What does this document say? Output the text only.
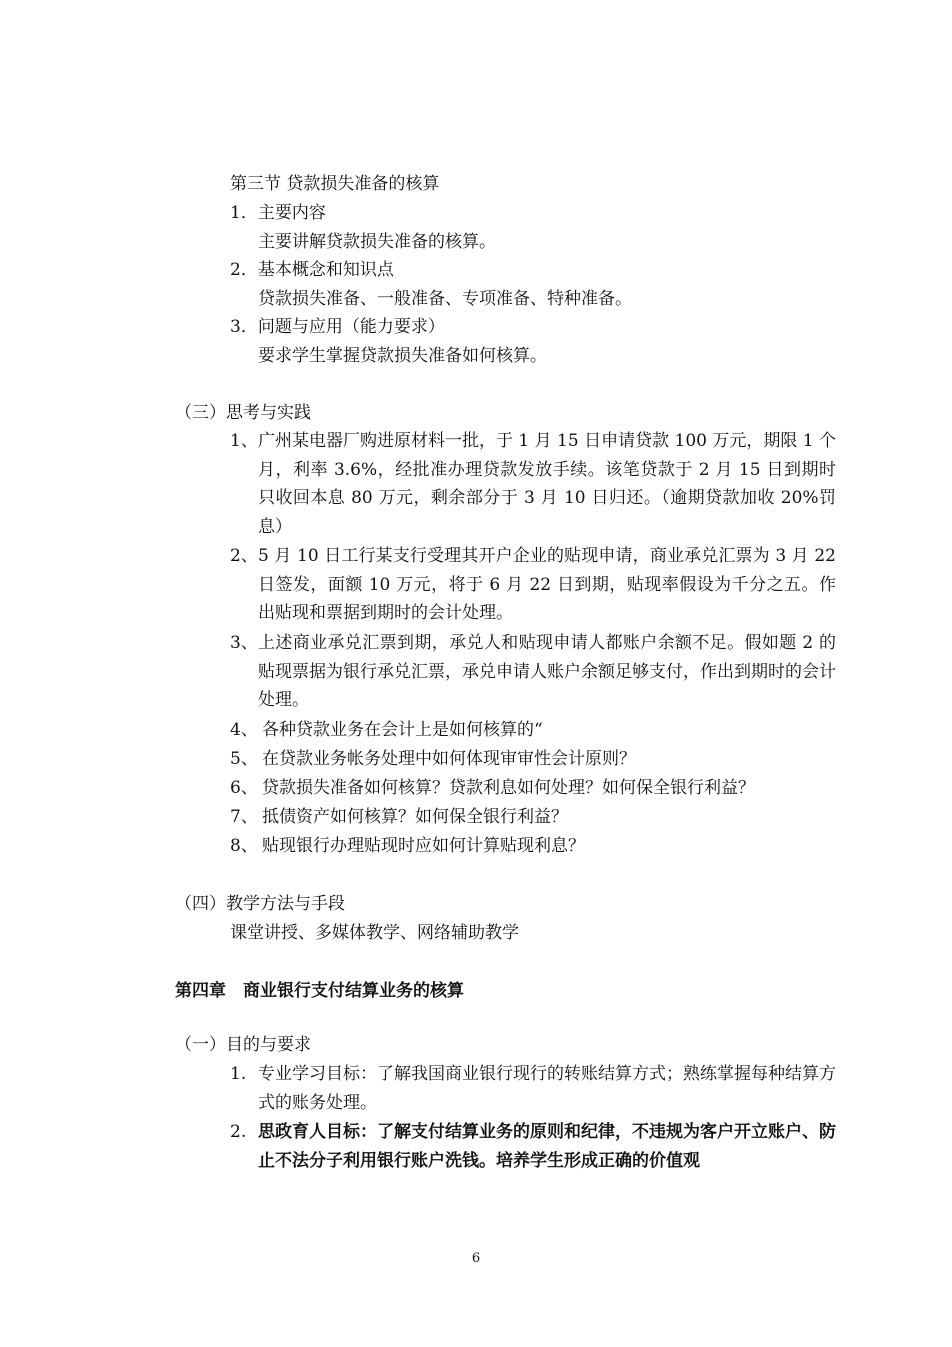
第三节 贷款损失准备的核算
1．主要内容
主要讲解贷款损失准备的核算。
2．基本概念和知识点
贷款损失准备、一般准备、专项准备、特种准备。
3．问题与应用（能力要求）
要求学生掌握贷款损失准备如何核算。
（三）思考与实践
1、 广州某电器厂购进原材料一批，于 1 月 15 日申请贷款 100 万元，期限 1 个月，利率 3.6%，经批准办理贷款发放手续。该笔贷款于 2 月 15 日到期时只收回本息 80 万元，剩余部分于 3 月 10 日归还。（逾期贷款加收 20%罚息）
2、 5 月 10 日工行某支行受理其开户企业的贴现申请，商业承兑汇票为 3 月 22 日签发，面额 10 万元，将于 6 月 22 日到期，贴现率假设为千分之五。作出贴现和票据到期时的会计处理。
3、 上述商业承兑汇票到期，承兑人和贴现申请人都账户余额不足。假如题 2 的贴现票据为银行承兑汇票，承兑申请人账户余额足够支付，作出到期时的会计处理。
4、 各种贷款业务在会计上是如何核算的“
5、 在贷款业务帐务处理中如何体现审审性会计原则？
6、 贷款损失准备如何核算？贷款利息如何处理？如何保全银行利益？
7、 抵债资产如何核算？如何保全银行利益？
8、 贴现银行办理贴现时应如何计算贴现利息？
（四）教学方法与手段
课堂讲授、多媒体教学、网络辅助教学
第四章　商业银行支付结算业务的核算
（一）目的与要求
1. 专业学习目标：了解我国商业银行现行的转账结算方式；熟练掌握每种结算方式的账务处理。
2. 思政育人目标：了解支付结算业务的原则和纪律，不违规为客户开立账户、防止不法分子利用银行账户洗钱。培养学生形成正确的价值观
6
